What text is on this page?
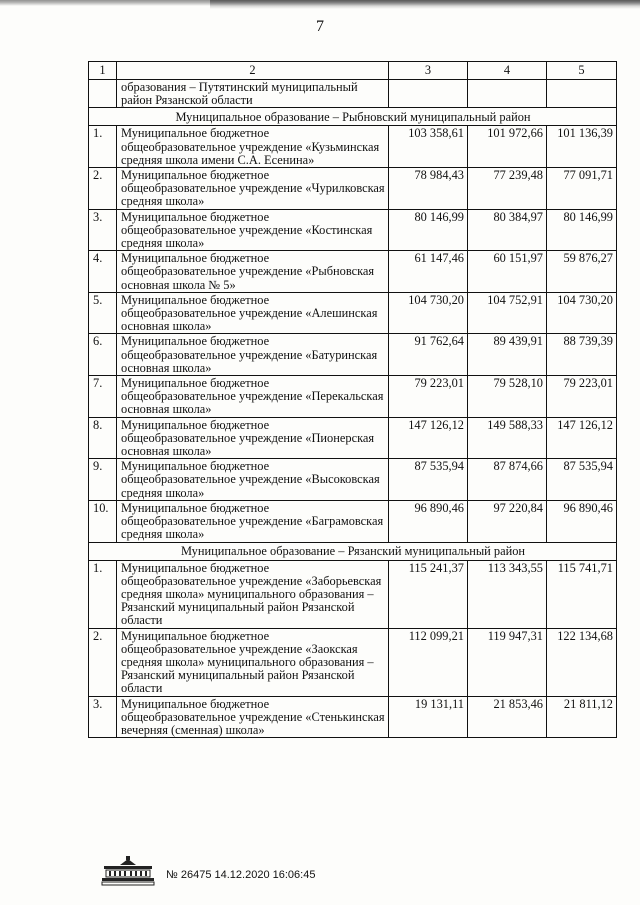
7
1	2	3	4	5
	образования – Путятинский муниципальный район Рязанской области			
Муниципальное образование – Рыбновский муниципальный район				
1.	Муниципальное бюджетное общеобразовательное учреждение «Кузьминская средняя школа имени С.А. Есенина»	103 358,61	101 972,66	101 136,39
2.	Муниципальное бюджетное общеобразовательное учреждение «Чурилковская средняя школа»	78 984,43	77 239,48	77 091,71
3.	Муниципальное бюджетное общеобразовательное учреждение «Костинская средняя школа»	80 146,99	80 384,97	80 146,99
4.	Муниципальное бюджетное общеобразовательное учреждение «Рыбновская основная школа № 5»	61 147,46	60 151,97	59 876,27
5.	Муниципальное бюджетное общеобразовательное учреждение «Алешинская основная школа»	104 730,20	104 752,91	104 730,20
6.	Муниципальное бюджетное общеобразовательное учреждение «Батуринская основная школа»	91 762,64	89 439,91	88 739,39
7.	Муниципальное бюджетное общеобразовательное учреждение «Перекальская основная школа»	79 223,01	79 528,10	79 223,01
8.	Муниципальное бюджетное общеобразовательное учреждение «Пионерская основная школа»	147 126,12	149 588,33	147 126,12
9.	Муниципальное бюджетное общеобразовательное учреждение «Высоковская средняя школа»	87 535,94	87 874,66	87 535,94
10.	Муниципальное бюджетное общеобразовательное учреждение «Баграмовская средняя школа»	96 890,46	97 220,84	96 890,46
Муниципальное образование – Рязанский муниципальный район				
1.	Муниципальное бюджетное общеобразовательное учреждение «Заборьевская средняя школа» муниципального образования – Рязанский муниципальный район Рязанской области	115 241,37	113 343,55	115 741,71
2.	Муниципальное бюджетное общеобразовательное учреждение «Заокская средняя школа» муниципального образования – Рязанский муниципальный район Рязанской области	112 099,21	119 947,31	122 134,68
3.	Муниципальное бюджетное общеобразовательное учреждение «Стенькинская вечерняя (сменная) школа»	19 131,11	21 853,46	21 811,12
№ 26475 14.12.2020 16:06:45
